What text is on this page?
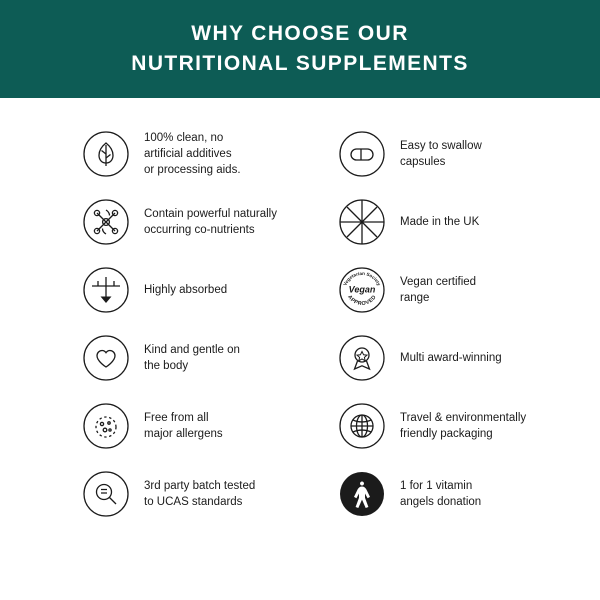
WHY CHOOSE OUR
NUTRITIONAL SUPPLEMENTS
100% clean, no
artificial additives
or processing aids.
Contain powerful naturally
occurring co-nutrients
Highly absorbed
Kind and gentle on
the body
Free from all
major allergens
3rd party batch tested
to UCAS standards
Easy to swallow
capsules
Made in the UK
Vegetarian Society
Vegan
APPROVED
Vegan certified
range
Multi award-winning
Travel & environmentally
friendly packaging
1 for 1 vitamin
angels donation
